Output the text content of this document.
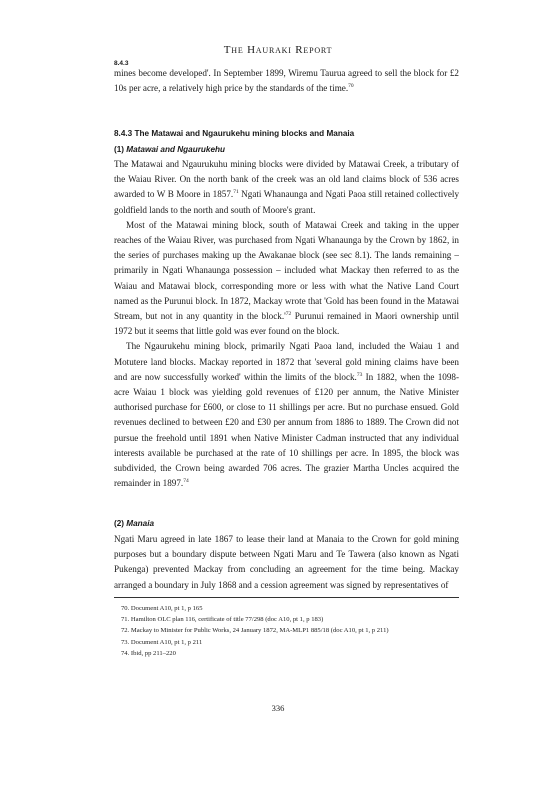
The Hauraki Report
8.4.3

mines become developed'. In September 1899, Wiremu Taurua agreed to sell the block for £2 10s per acre, a relatively high price by the standards of the time.$^{70}$

8.4.3 The Matawai and Ngaurukehu mining blocks and Manaia
(1) Matawai and Ngaurukehu

The Matawai and Ngaurukuhu mining blocks were divided by Matawai Creek, a tributary of the Waiau River. On the north bank of the creek was an old land claims block of 536 acres awarded to W B Moore in 1857.71 Ngati Whanaunga and Ngati Paoa still retained collectively goldfield lands to the north and south of Moore's grant.

Most of the Matawai mining block, south of Matawai Creek and taking in the upper reaches of the Waiau River, was purchased from Ngati Whanaunga by the Crown by 1862, in the series of purchases making up the Awakanae block (see sec 8.1). The lands remaining – primarily in Ngati Whanaunga possession – included what Mackay then referred to as the Waiau and Matawai block, corresponding more or less with what the Native Land Court named as the Purunui block. In 1872, Mackay wrote that 'Gold has been found in the Matawai Stream, but not in any quantity in the block.'$^{72}$ Purunui remained in Maori ownership until 1972 but it seems that little gold was ever found on the block.

The Ngaurukehu mining block, primarily Ngati Paoa land, included the Waiau 1 and Motutere land blocks. Mackay reported in 1872 that 'several gold mining claims have been and are now successfully worked' within the limits of the block.$^{73}$ In 1882, when the 1098-acre Waiau 1 block was yielding gold revenues of £120 per annum, the Native Minister authorised purchase for £600, or close to 11 shillings per acre. But no purchase ensued. Gold revenues declined to between £20 and £30 per annum from 1886 to 1889. The Crown did not pursue the freehold until 1891 when Native Minister Cadman instructed that any individual interests available be purchased at the rate of 10 shillings per acre. In 1895, the block was subdivided, the Crown being awarded 706 acres. The grazier Martha Uncles acquired the remainder in 1897.74

(2) Manaia

Ngati Maru agreed in late 1867 to lease their land at Manaia to the Crown for gold mining purposes but a boundary dispute between Ngati Maru and Te Tawera (also known as Ngati Pukenga) prevented Mackay from concluding an agreement for the time being. Mackay arranged a boundary in July 1868 and a cession agreement was signed by representatives of

70. Document A10, pt 1, p 165

71. Hamilton OLC plan 116, certificate of title 77/298 (doc A10, pt 1, p 183)

72. Mackay to Minister for Public Works, 24 January 1872, MA-MLP1 885/18 (doc A10, pt 1, p 211)

73. Document A10, pt 1, p 211

74. Ibid, pp 211–220

336
